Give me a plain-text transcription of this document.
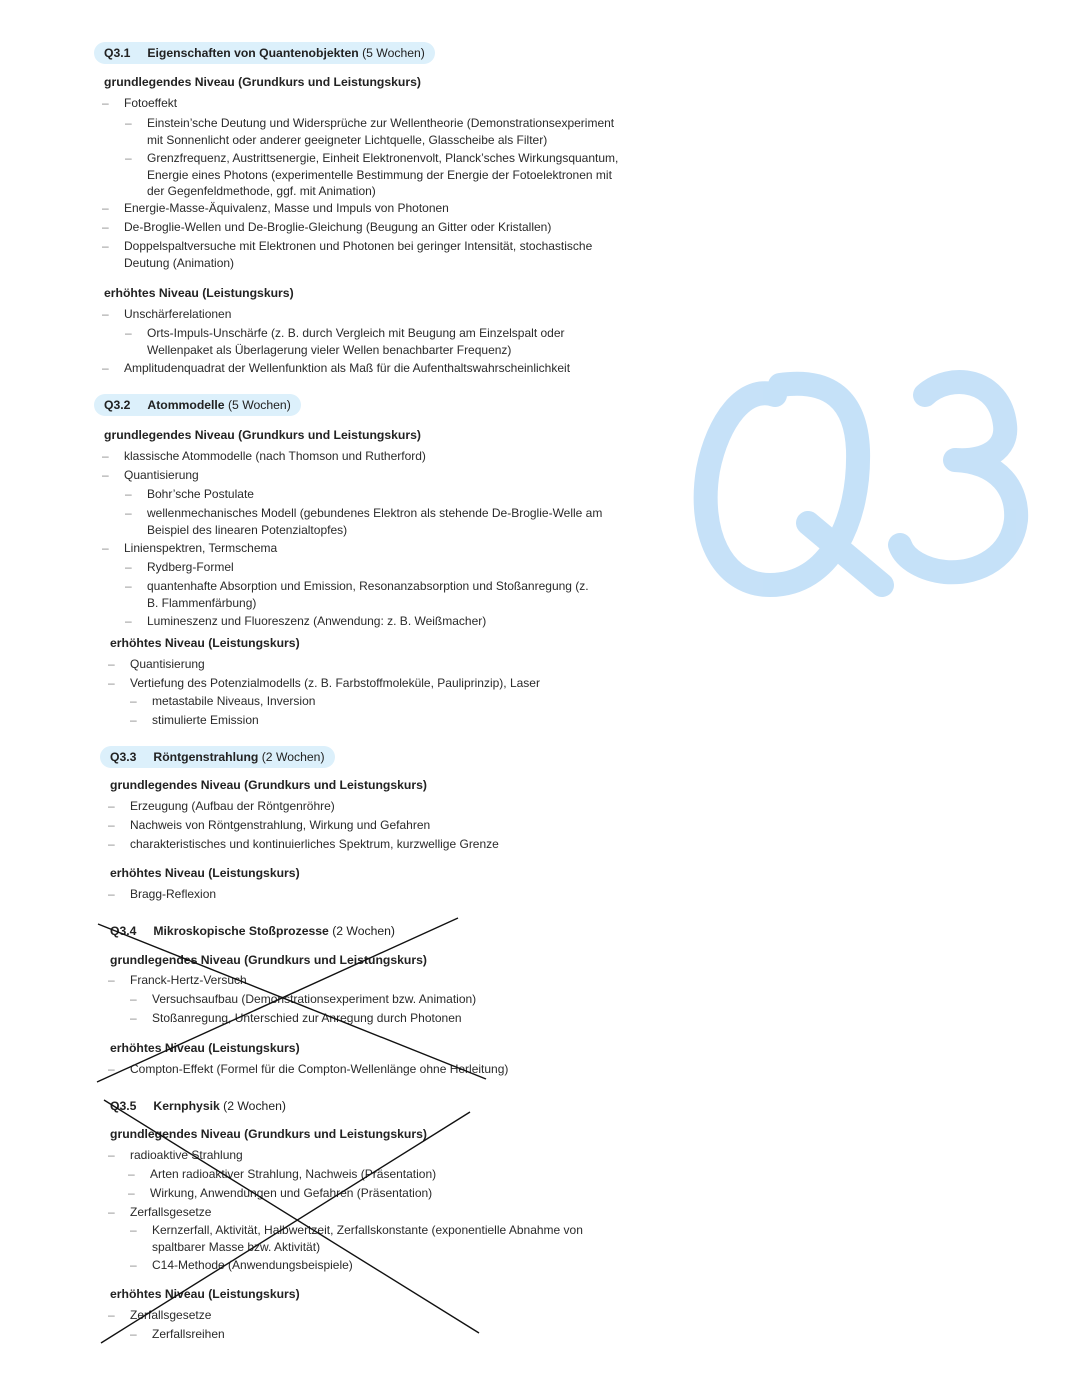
Q3.1 Eigenschaften von Quantenobjekten (5 Wochen)
grundlegendes Niveau (Grundkurs und Leistungskurs)
– Fotoeffekt
– Einstein’sche Deutung und Widersprüche zur Wellentheorie (Demonstrationsexperiment mit Sonnenlicht oder anderer geeigneter Lichtquelle, Glasscheibe als Filter)
– Grenzfrequenz, Austrittsenergie, Einheit Elektronenvolt, Planck’sches Wirkungsquantum, Energie eines Photons (experimentelle Bestimmung der Energie der Fotoelektronen mit der Gegenfeldmethode, ggf. mit Animation)
– Energie-Masse-Äquivalenz, Masse und Impuls von Photonen
– De-Broglie-Wellen und De-Broglie-Gleichung (Beugung an Gitter oder Kristallen)
– Doppelspaltversuche mit Elektronen und Photonen bei geringer Intensität, stochastische Deutung (Animation)
erhöhtes Niveau (Leistungskurs)
– Unschärferelationen
– Orts-Impuls-Unschärfe (z. B. durch Vergleich mit Beugung am Einzelspalt oder Wellenpaket als Überlagerung vieler Wellen benachbarter Frequenz)
– Amplitudenquadrat der Wellenfunktion als Maß für die Aufenthaltswahrscheinlichkeit
Q3.2 Atommodelle (5 Wochen)
grundlegendes Niveau (Grundkurs und Leistungskurs)
– klassische Atommodelle (nach Thomson und Rutherford)
– Quantisierung
– Bohr’sche Postulate
– wellenmechanisches Modell (gebundenes Elektron als stehende De-Broglie-Welle am Beispiel des linearen Potenzialtopfes)
– Linienspektren, Termschema
– Rydberg-Formel
– quantenhafte Absorption und Emission, Resonanzabsorption und Stoßanregung (z. B. Flammenfärbung)
– Lumineszenz und Fluoreszenz (Anwendung: z. B. Weißmacher)
erhöhtes Niveau (Leistungskurs)
– Quantisierung
– Vertiefung des Potenzialmodells (z. B. Farbstoffmoleküle, Pauliprinzip), Laser
– metastabile Niveaus, Inversion
– stimulierte Emission
Q3.3 Röntgenstrahlung (2 Wochen)
grundlegendes Niveau (Grundkurs und Leistungskurs)
– Erzeugung (Aufbau der Röntgenröhre)
– Nachweis von Röntgenstrahlung, Wirkung und Gefahren
– charakteristisches und kontinuierliches Spektrum, kurzwellige Grenze
erhöhtes Niveau (Leistungskurs)
– Bragg-Reflexion
Q3.4 Mikroskopische Stoßprozesse (2 Wochen)
grundlegendes Niveau (Grundkurs und Leistungskurs)
– Franck-Hertz-Versuch
– Versuchsaufbau (Demonstrationsexperiment bzw. Animation)
– Stoßanregung, Unterschied zur Anregung durch Photonen
erhöhtes Niveau (Leistungskurs)
– Compton-Effekt (Formel für die Compton-Wellenlänge ohne Herleitung)
Q3.5 Kernphysik (2 Wochen)
grundlegendes Niveau (Grundkurs und Leistungskurs)
– radioaktive Strahlung
– Arten radioaktiver Strahlung, Nachweis (Präsentation)
– Wirkung, Anwendungen und Gefahren (Präsentation)
– Zerfallsgesetze
– Kernzerfall, Aktivität, Halbwertzeit, Zerfallskonstante (exponentielle Abnahme von spaltbarer Masse bzw. Aktivität)
– C14-Methode (Anwendungsbeispiele)
erhöhtes Niveau (Leistungskurs)
– Zerfallsgesetze
– Zerfallsreihen
